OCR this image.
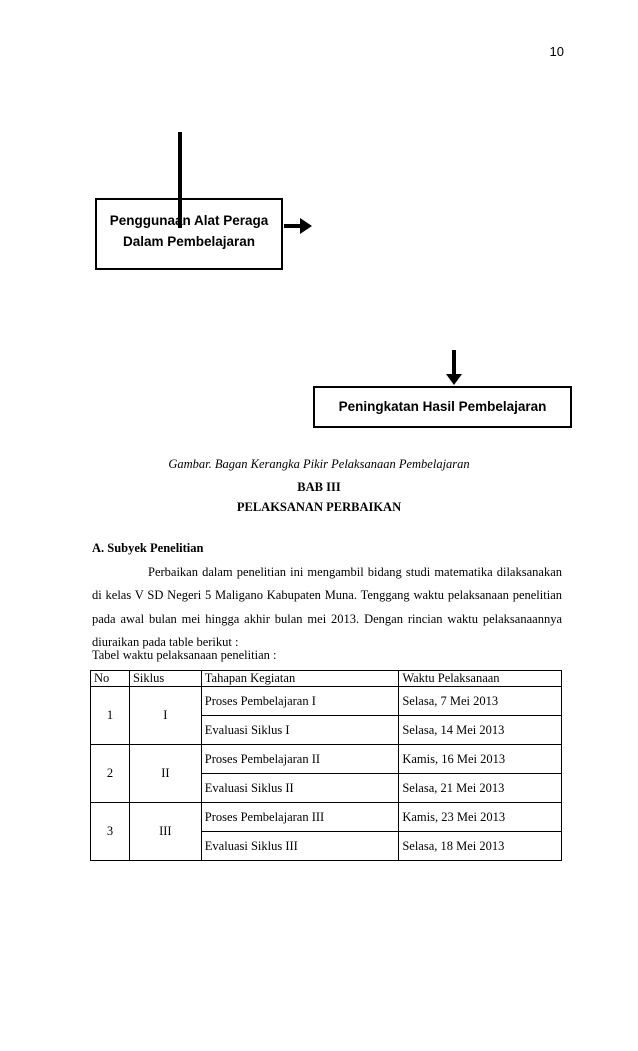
10
Penggunaan Alat Peraga
Dalam Pembelajaran
Peningkatan Hasil Pembelajaran
Gambar. Bagan Kerangka Pikir Pelaksanaan Pembelajaran
BAB III
PELAKSANAN PERBAIKAN
A. Subyek Penelitian
Perbaikan dalam penelitian ini mengambil bidang studi matematika dilaksanakan di kelas V SD Negeri 5 Maligano Kabupaten Muna. Tenggang waktu pelaksanaan penelitian pada awal bulan mei hingga akhir bulan mei 2013. Dengan rincian waktu pelaksanaannya
diuraikan pada table berikut :
Tabel waktu pelaksanaan penelitian :
No	Siklus	Tahapan Kegiatan	Waktu Pelaksanaan
1	I	Proses Pembelajaran I	Selasa, 7 Mei 2013
		Evaluasi Siklus I	Selasa, 14 Mei 2013
2	II	Proses Pembelajaran II	Kamis, 16 Mei 2013
		Evaluasi Siklus II	Selasa, 21 Mei 2013
3	III	Proses Pembelajaran III	Kamis, 23 Mei 2013
		Evaluasi Siklus III	Selasa, 18 Mei 2013
